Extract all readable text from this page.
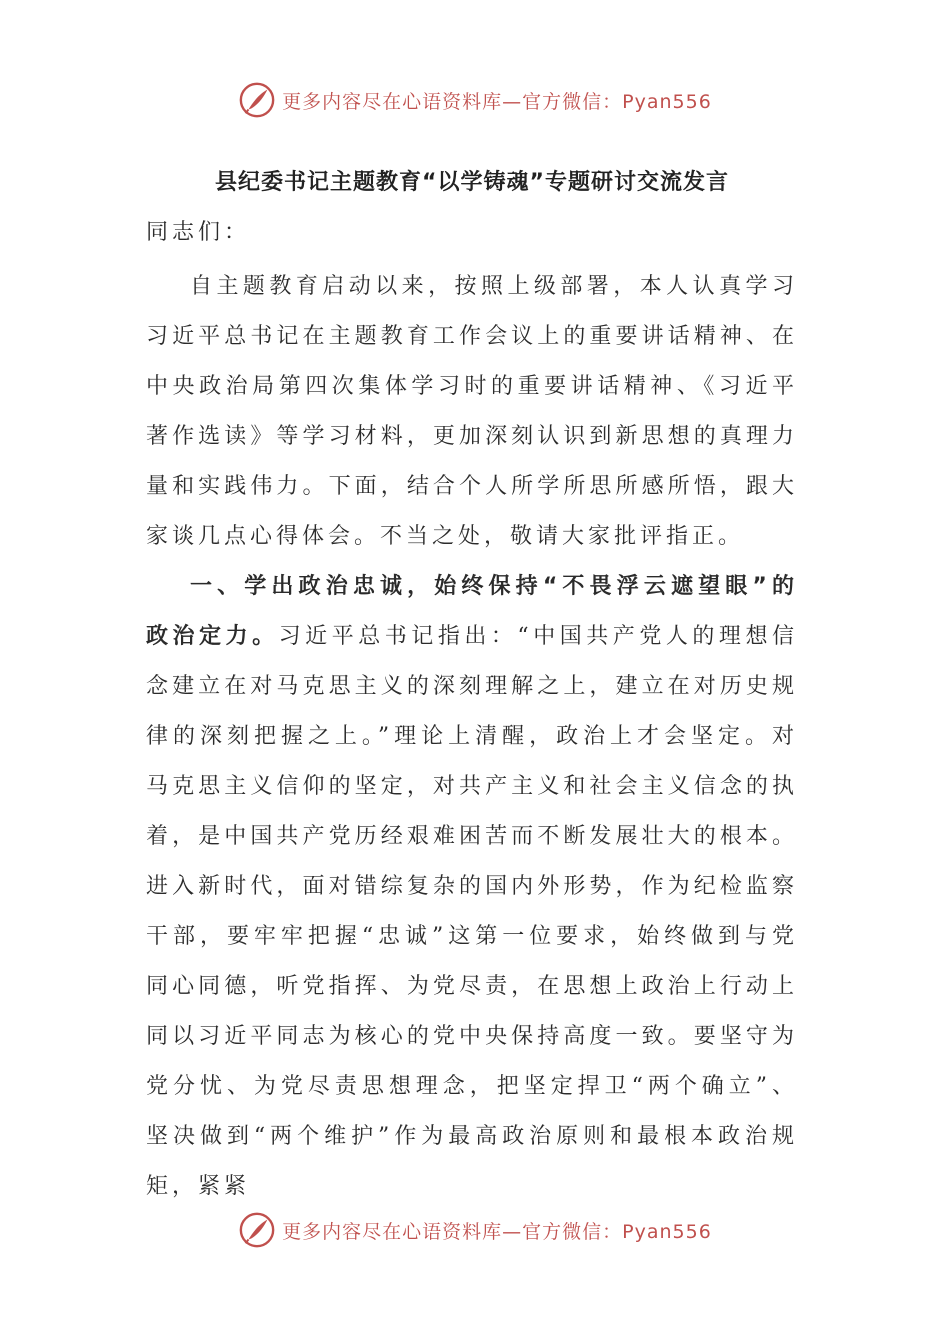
更多内容尽在心语资料库—官方微信：Pyan556
县纪委书记主题教育“以学铸魂”专题研讨交流发言

同志们：

自主题教育启动以来，按照上级部署，本人认真学习习近平总书记在主题教育工作会议上的重要讲话精神、在中央政治局第四次集体学习时的重要讲话精神、《习近平著作选读》等学习材料，更加深刻认识到新思想的真理力量和实践伟力。下面，结合个人所学所思所感所悟，跟大家谈几点心得体会。不当之处，敬请大家批评指正。

一、学出政治忠诚，始终保持“不畏浮云遮望眼”的政治定力。习近平总书记指出：“中国共产党人的理想信念建立在对马克思主义的深刻理解之上，建立在对历史规律的深刻把握之上。”理论上清醒，政治上才会坚定。对马克思主义信仰的坚定，对共产主义和社会主义信念的执着，是中国共产党历经艰难困苦而不断发展壮大的根本。进入新时代，面对错综复杂的国内外形势，作为纪检监察干部，要牢牢把握“忠诚”这第一位要求，始终做到与党同心同德，听党指挥、为党尽责，在思想上政治上行动上同以习近平同志为核心的党中央保持高度一致。要坚守为党分忧、为党尽责思想理念，把坚定捍卫“两个确立”、坚决做到“两个维护”作为最高政治原则和最根本政治规矩，紧紧

更多内容尽在心语资料库—官方微信：Pyan556
